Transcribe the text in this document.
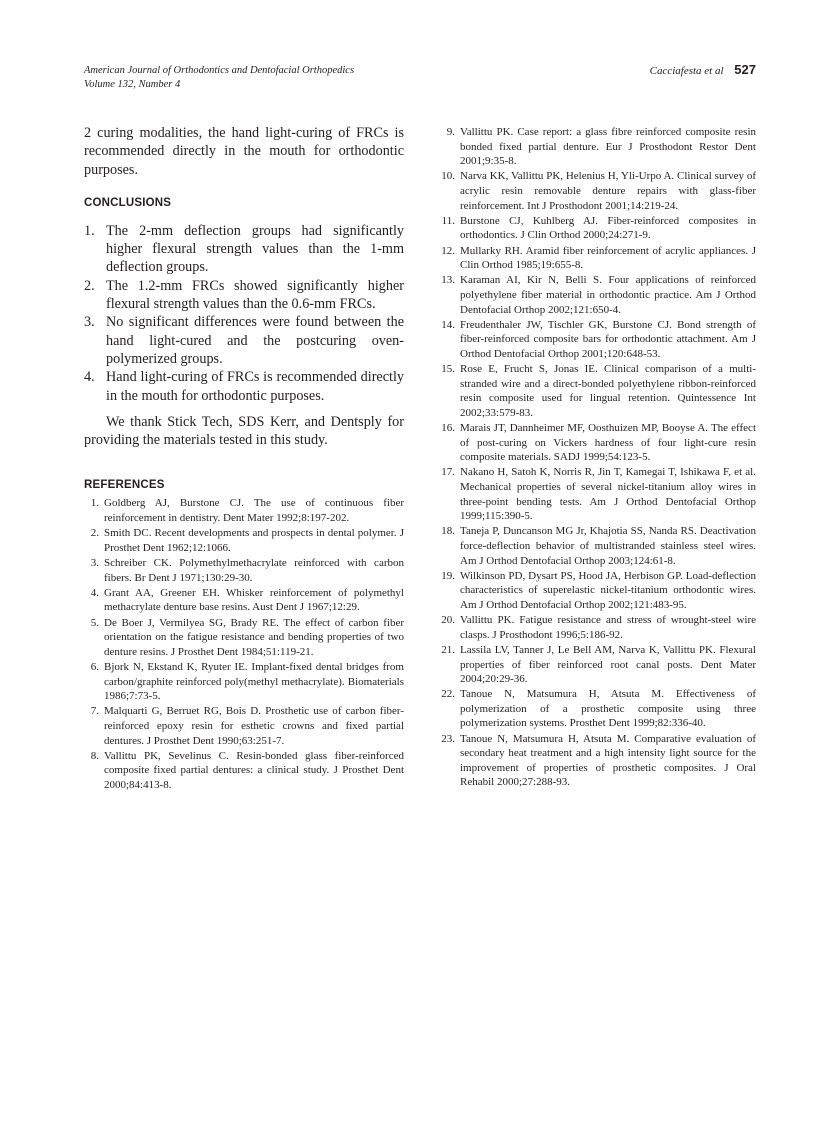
American Journal of Orthodontics and Dentofacial Orthopedics
Volume 132, Number 4
Cacciafesta et al 527

2 curing modalities, the hand light-curing of FRCs is recommended directly in the mouth for orthodontic purposes.

CONCLUSIONS

1. The 2-mm deflection groups had significantly higher flexural strength values than the 1-mm deflection groups.
2. The 1.2-mm FRCs showed significantly higher flexural strength values than the 0.6-mm FRCs.
3. No significant differences were found between the hand light-cured and the postcuring oven-polymerized groups.
4. Hand light-curing of FRCs is recommended directly in the mouth for orthodontic purposes.

We thank Stick Tech, SDS Kerr, and Dentsply for providing the materials tested in this study.

REFERENCES

1. Goldberg AJ, Burstone CJ. The use of continuous fiber reinforcement in dentistry. Dent Mater 1992;8:197-202.
2. Smith DC. Recent developments and prospects in dental polymer. J Prosthet Dent 1962;12:1066.
3. Schreiber CK. Polymethylmethacrylate reinforced with carbon fibers. Br Dent J 1971;130:29-30.
4. Grant AA, Greener EH. Whisker reinforcement of polymethyl methacrylate denture base resins. Aust Dent J 1967;12:29.
5. De Boer J, Vermilyea SG, Brady RE. The effect of carbon fiber orientation on the fatigue resistance and bending properties of two denture resins. J Prosthet Dent 1984;51:119-21.
6. Bjork N, Ekstand K, Ryuter IE. Implant-fixed dental bridges from carbon/graphite reinforced poly(methyl methacrylate). Biomaterials 1986;7:73-5.
7. Malquarti G, Berruet RG, Bois D. Prosthetic use of carbon fiber-reinforced epoxy resin for esthetic crowns and fixed partial dentures. J Prosthet Dent 1990;63:251-7.
8. Vallittu PK, Sevelinus C. Resin-bonded glass fiber-reinforced composite fixed partial dentures: a clinical study. J Prosthet Dent 2000;84:413-8.
9. Vallittu PK. Case report: a glass fibre reinforced composite resin bonded fixed partial denture. Eur J Prosthodont Restor Dent 2001;9:35-8.
10. Narva KK, Vallittu PK, Helenius H, Yli-Urpo A. Clinical survey of acrylic resin removable denture repairs with glass-fiber reinforcement. Int J Prosthodont 2001;14:219-24.
11. Burstone CJ, Kuhlberg AJ. Fiber-reinforced composites in orthodontics. J Clin Orthod 2000;24:271-9.
12. Mullarky RH. Aramid fiber reinforcement of acrylic appliances. J Clin Orthod 1985;19:655-8.
13. Karaman AI, Kir N, Belli S. Four applications of reinforced polyethylene fiber material in orthodontic practice. Am J Orthod Dentofacial Orthop 2002;121:650-4.
14. Freudenthaler JW, Tischler GK, Burstone CJ. Bond strength of fiber-reinforced composite bars for orthodontic attachment. Am J Orthod Dentofacial Orthop 2001;120:648-53.
15. Rose E, Frucht S, Jonas IE. Clinical comparison of a multi-stranded wire and a direct-bonded polyethylene ribbon-reinforced resin composite used for lingual retention. Quintessence Int 2002;33:579-83.
16. Marais JT, Dannheimer MF, Oosthuizen MP, Booyse A. The effect of post-curing on Vickers hardness of four light-cure resin composite materials. SADJ 1999;54:123-5.
17. Nakano H, Satoh K, Norris R, Jin T, Kamegai T, Ishikawa F, et al. Mechanical properties of several nickel-titanium alloy wires in three-point bending tests. Am J Orthod Dentofacial Orthop 1999;115:390-5.
18. Taneja P, Duncanson MG Jr, Khajotia SS, Nanda RS. Deactivation force-deflection behavior of multistranded stainless steel wires. Am J Orthod Dentofacial Orthop 2003;124:61-8.
19. Wilkinson PD, Dysart PS, Hood JA, Herbison GP. Load-deflection characteristics of superelastic nickel-titanium orthodontic wires. Am J Orthod Dentofacial Orthop 2002;121:483-95.
20. Vallittu PK. Fatigue resistance and stress of wrought-steel wire clasps. J Prosthodont 1996;5:186-92.
21. Lassila LV, Tanner J, Le Bell AM, Narva K, Vallittu PK. Flexural properties of fiber reinforced root canal posts. Dent Mater 2004;20:29-36.
22. Tanoue N, Matsumura H, Atsuta M. Effectiveness of polymerization of a prosthetic composite using three polymerization systems. Prosthet Dent 1999;82:336-40.
23. Tanoue N, Matsumura H, Atsuta M. Comparative evaluation of secondary heat treatment and a high intensity light source for the improvement of properties of prosthetic composites. J Oral Rehabil 2000;27:288-93.
